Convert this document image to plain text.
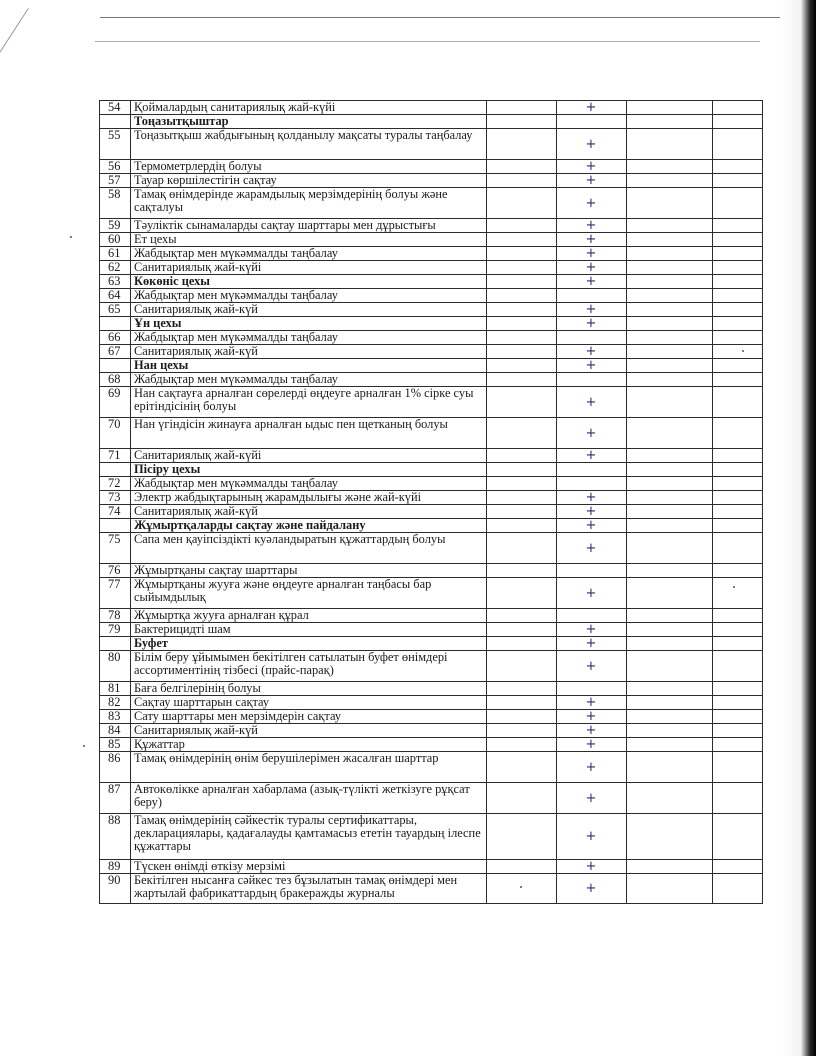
54	Қоймалардың санитариялық жай-күйі		+		
	Тоңазытқыштар				
55	Тоңазытқыш жабдығының қолданылу мақсаты туралы таңбалау		+		
56	Термометрлердің болуы		+		
57	Тауар көршілестігін сақтау		+		
58	Тамақ өнімдерінде жарамдылық мерзімдерінің болуы және сақталуы		+		
59	Тәуліктік сынамаларды сақтау шарттары мен дұрыстығы		+		
60	Ет цехы		+		
61	Жабдықтар мен мүкәммалды таңбалау		+		
62	Санитариялық жай-күйі		+		
63	Көкөніс цехы		+		
64	Жабдықтар мен мүкәммалды таңбалау				
65	Санитариялық жай-күй		+		
	Ұн цехы		+		
66	Жабдықтар мен мүкәммалды таңбалау				
67	Санитариялық жай-күй		+		
	Нан цехы		+		
68	Жабдықтар мен мүкәммалды таңбалау				
69	Нан сақтауға арналған сөрелерді өңдеуге арналған 1% сірке суы ерітіндісінің болуы		+		
70	Нан үгіндісін жинауға арналған ыдыс пен щетканың болуы		+		
71	Санитариялық жай-күйі		+		
	Пісіру цехы				
72	Жабдықтар мен мүкәммалды таңбалау				
73	Электр жабдықтарының жарамдылығы және жай-күйі		+		
74	Санитариялық жай-күй		+		
	Жұмыртқаларды сақтау және пайдалану		+		
75	Сапа мен қауіпсіздікті куәландыратын құжаттардың болуы		+		
76	Жұмыртқаны сақтау шарттары				
77	Жұмыртқаны жууға және өңдеуге арналған таңбасы бар сыйымдылық		+		
78	Жұмыртқа жууға арналған құрал				
79	Бактерицидті шам		+		
	Буфет		+		
80	Білім беру ұйымымен бекітілген сатылатын буфет өнімдері ассортиментінің тізбесі (прайс-парақ)		+		
81	Баға белгілерінің болуы				
82	Сақтау шарттарын сақтау		+		
83	Сату шарттары мен мерзімдерін сақтау		+		
84	Санитариялық жай-күй		+		
85	Құжаттар		+		
86	Тамақ өнімдерінің өнім берушілерімен жасалған шарттар		+		
87	Автокөлікке арналған хабарлама (азық-түлікті жеткізуге рұқсат беру)		+		
88	Тамақ өнімдерінің сәйкестік туралы сертификаттары, декларациялары, қадағалауды қамтамасыз ететін тауардың ілеспе құжаттары		+		
89	Түскен өнімді өткізу мерзімі		+		
90	Бекітілген нысанға сәйкес тез бұзылатын тамақ өнімдері мен жартылай фабрикаттардың бракеражды журналы		+		
